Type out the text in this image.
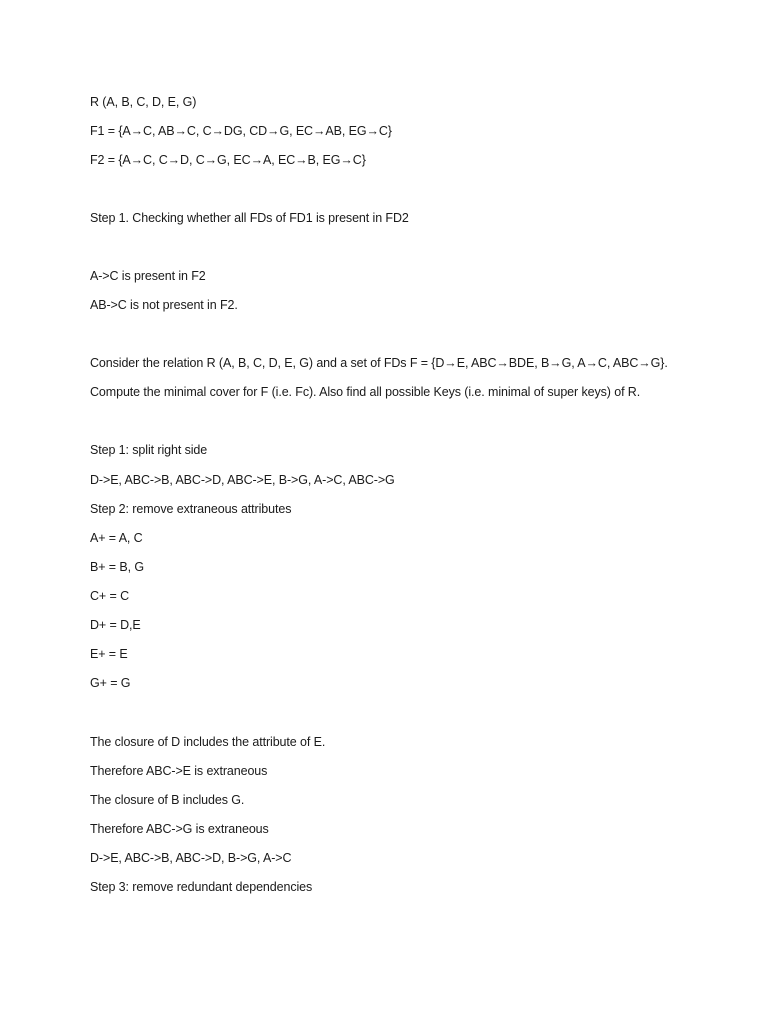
R (A, B, C, D, E, G)
F1 = {A→C, AB→C, C→DG, CD→G, EC→AB, EG→C}
F2 = {A→C, C→D, C→G, EC→A, EC→B, EG→C}
Step 1. Checking whether all FDs of FD1 is present in FD2
A->C is present in F2
AB->C is not present in F2.
Consider the relation R (A, B, C, D, E, G) and a set of FDs F = {D→E, ABC→BDE, B→G, A→C, ABC→G}.
Compute the minimal cover for F (i.e. Fc). Also find all possible Keys (i.e. minimal of super keys) of R.
Step 1: split right side
D->E, ABC->B, ABC->D, ABC->E, B->G, A->C, ABC->G
Step 2: remove extraneous attributes
A+ = A, C
B+ = B, G
C+ = C
D+ = D,E
E+ = E
G+ = G
The closure of D includes the attribute of E.
Therefore ABC->E is extraneous
The closure of B includes G.
Therefore ABC->G is extraneous
D->E, ABC->B, ABC->D, B->G, A->C
Step 3: remove redundant dependencies
